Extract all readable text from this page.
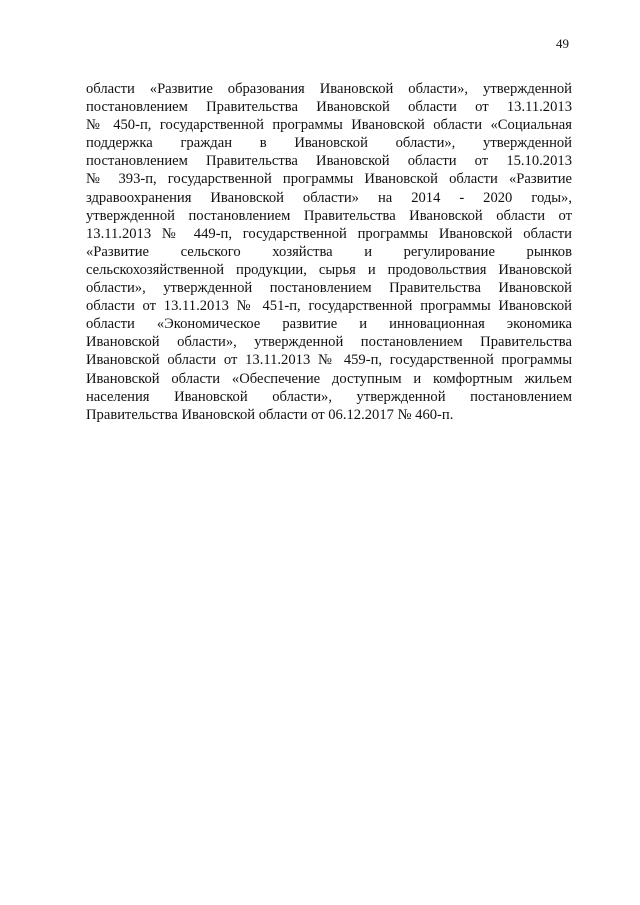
49
области «Развитие образования Ивановской области», утвержденной
постановлением Правительства Ивановской области от 13.11.2013
№ 450-п, государственной программы Ивановской области «Социальная
поддержка граждан в Ивановской области», утвержденной
постановлением Правительства Ивановской области от 15.10.2013
№ 393-п, государственной программы Ивановской области «Развитие
здравоохранения Ивановской области» на 2014 - 2020 годы»,
утвержденной постановлением Правительства Ивановской области от
13.11.2013 № 449-п, государственной программы Ивановской области
«Развитие сельского хозяйства и регулирование рынков
сельскохозяйственной продукции, сырья и продовольствия Ивановской
области», утвержденной постановлением Правительства Ивановской
области от 13.11.2013 № 451-п, государственной программы Ивановской
области «Экономическое развитие и инновационная экономика
Ивановской области», утвержденной постановлением Правительства
Ивановской области от 13.11.2013 № 459-п, государственной программы
Ивановской области «Обеспечение доступным и комфортным жильем
населения Ивановской области», утвержденной постановлением
Правительства Ивановской области от 06.12.2017 № 460-п.
